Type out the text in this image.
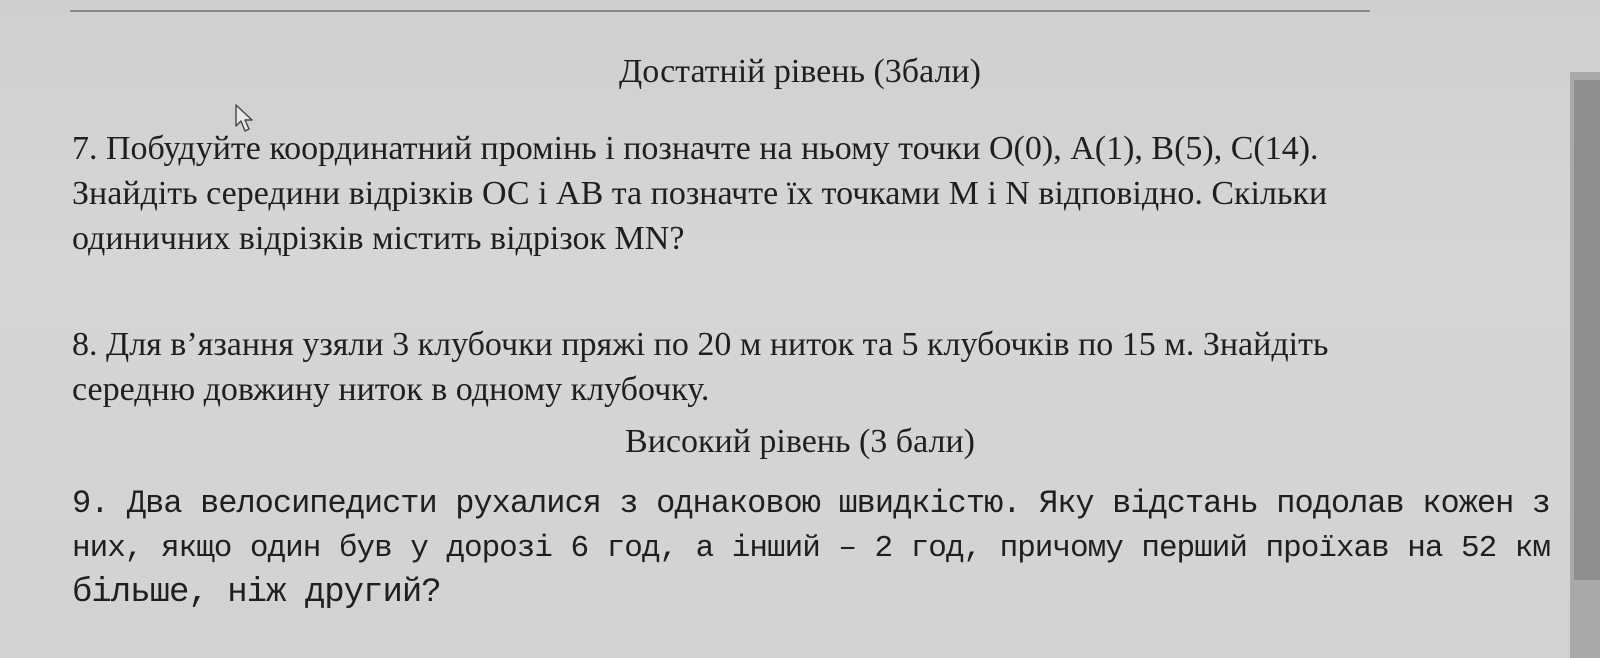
Достатній рівень (3бали)
7. Побудуйте координатний промінь і позначте на ньому точки О(0), А(1), В(5), С(14).
Знайдіть середини відрізків ОС і АВ та позначте їх точками М і N відповідно. Скільки
одиничних відрізків містить відрізок MN?
8. Для в’язання узяли 3 клубочки пряжі по 20 м ниток та 5 клубочків по 15 м. Знайдіть
середню довжину ниток в одному клубочку.
Високий рівень (3 бали)
9. Два велосипедисти рухалися з однаковою швидкістю. Яку відстань подолав кожен з
них, якщо один був у дорозі 6 год, а інший – 2 год, причому перший проїхав на 52 км
більше, ніж другий?
